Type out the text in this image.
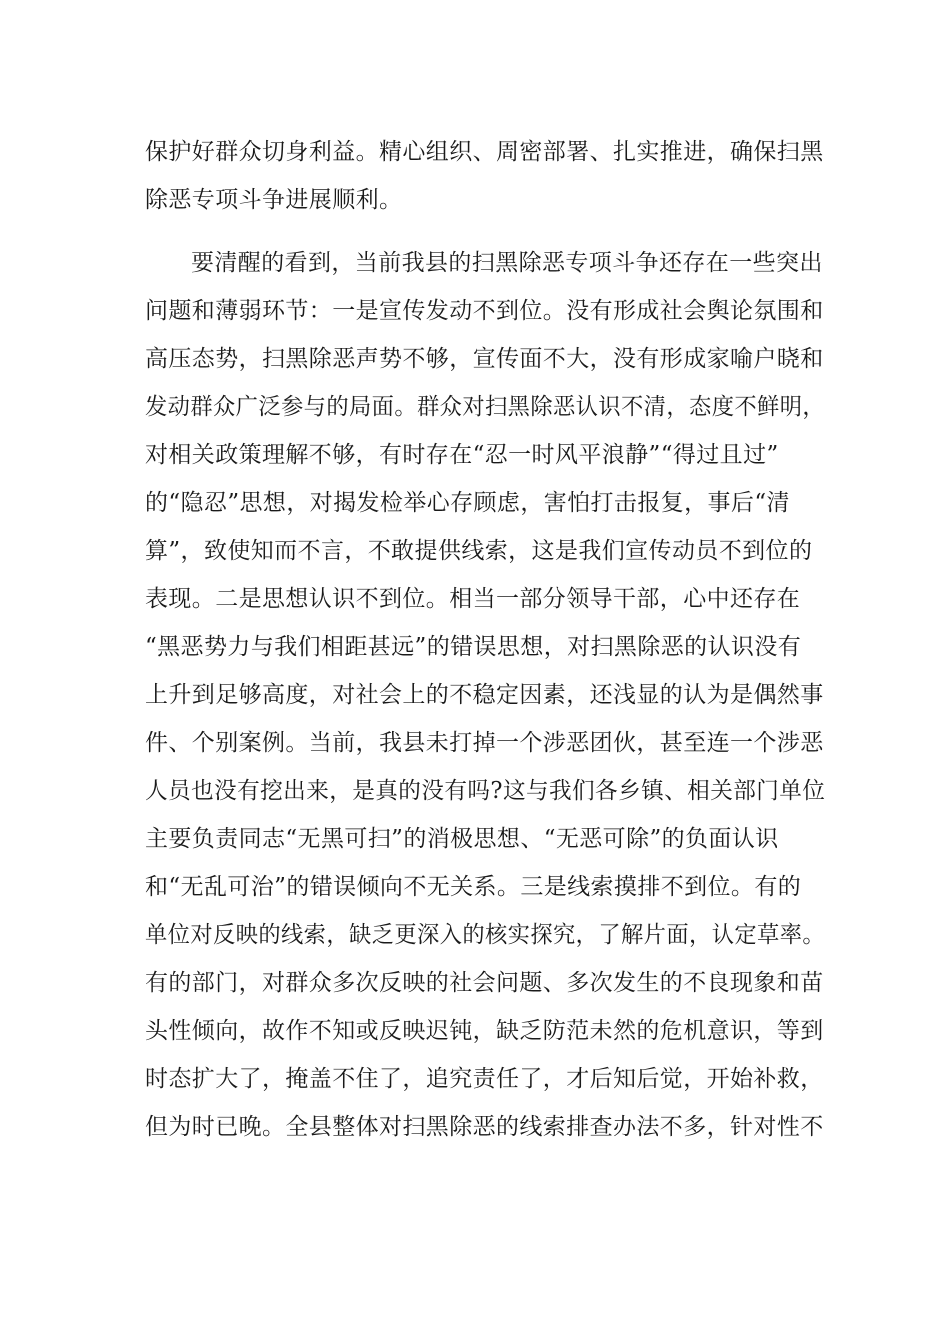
保护好群众切身利益。精心组织、周密部署、扎实推进，确保扫黑
除恶专项斗争进展顺利。
要清醒的看到，当前我县的扫黑除恶专项斗争还存在一些突出
问题和薄弱环节：一是宣传发动不到位。没有形成社会舆论氛围和
高压态势，扫黑除恶声势不够，宣传面不大，没有形成家喻户晓和
发动群众广泛参与的局面。群众对扫黑除恶认识不清，态度不鲜明，
对相关政策理解不够，有时存在“忍一时风平浪静”“得过且过”
的“隐忍”思想，对揭发检举心存顾虑，害怕打击报复，事后“清
算”，致使知而不言，不敢提供线索，这是我们宣传动员不到位的
表现。二是思想认识不到位。相当一部分领导干部，心中还存在
“黑恶势力与我们相距甚远”的错误思想，对扫黑除恶的认识没有
上升到足够高度，对社会上的不稳定因素，还浅显的认为是偶然事
件、个别案例。当前，我县未打掉一个涉恶团伙，甚至连一个涉恶
人员也没有挖出来，是真的没有吗?这与我们各乡镇、相关部门单位
主要负责同志“无黑可扫”的消极思想、“无恶可除”的负面认识
和“无乱可治”的错误倾向不无关系。三是线索摸排不到位。有的
单位对反映的线索，缺乏更深入的核实探究，了解片面，认定草率。
有的部门，对群众多次反映的社会问题、多次发生的不良现象和苗
头性倾向，故作不知或反映迟钝，缺乏防范未然的危机意识，等到
时态扩大了，掩盖不住了，追究责任了，才后知后觉，开始补救，
但为时已晚。全县整体对扫黑除恶的线索排查办法不多，针对性不
